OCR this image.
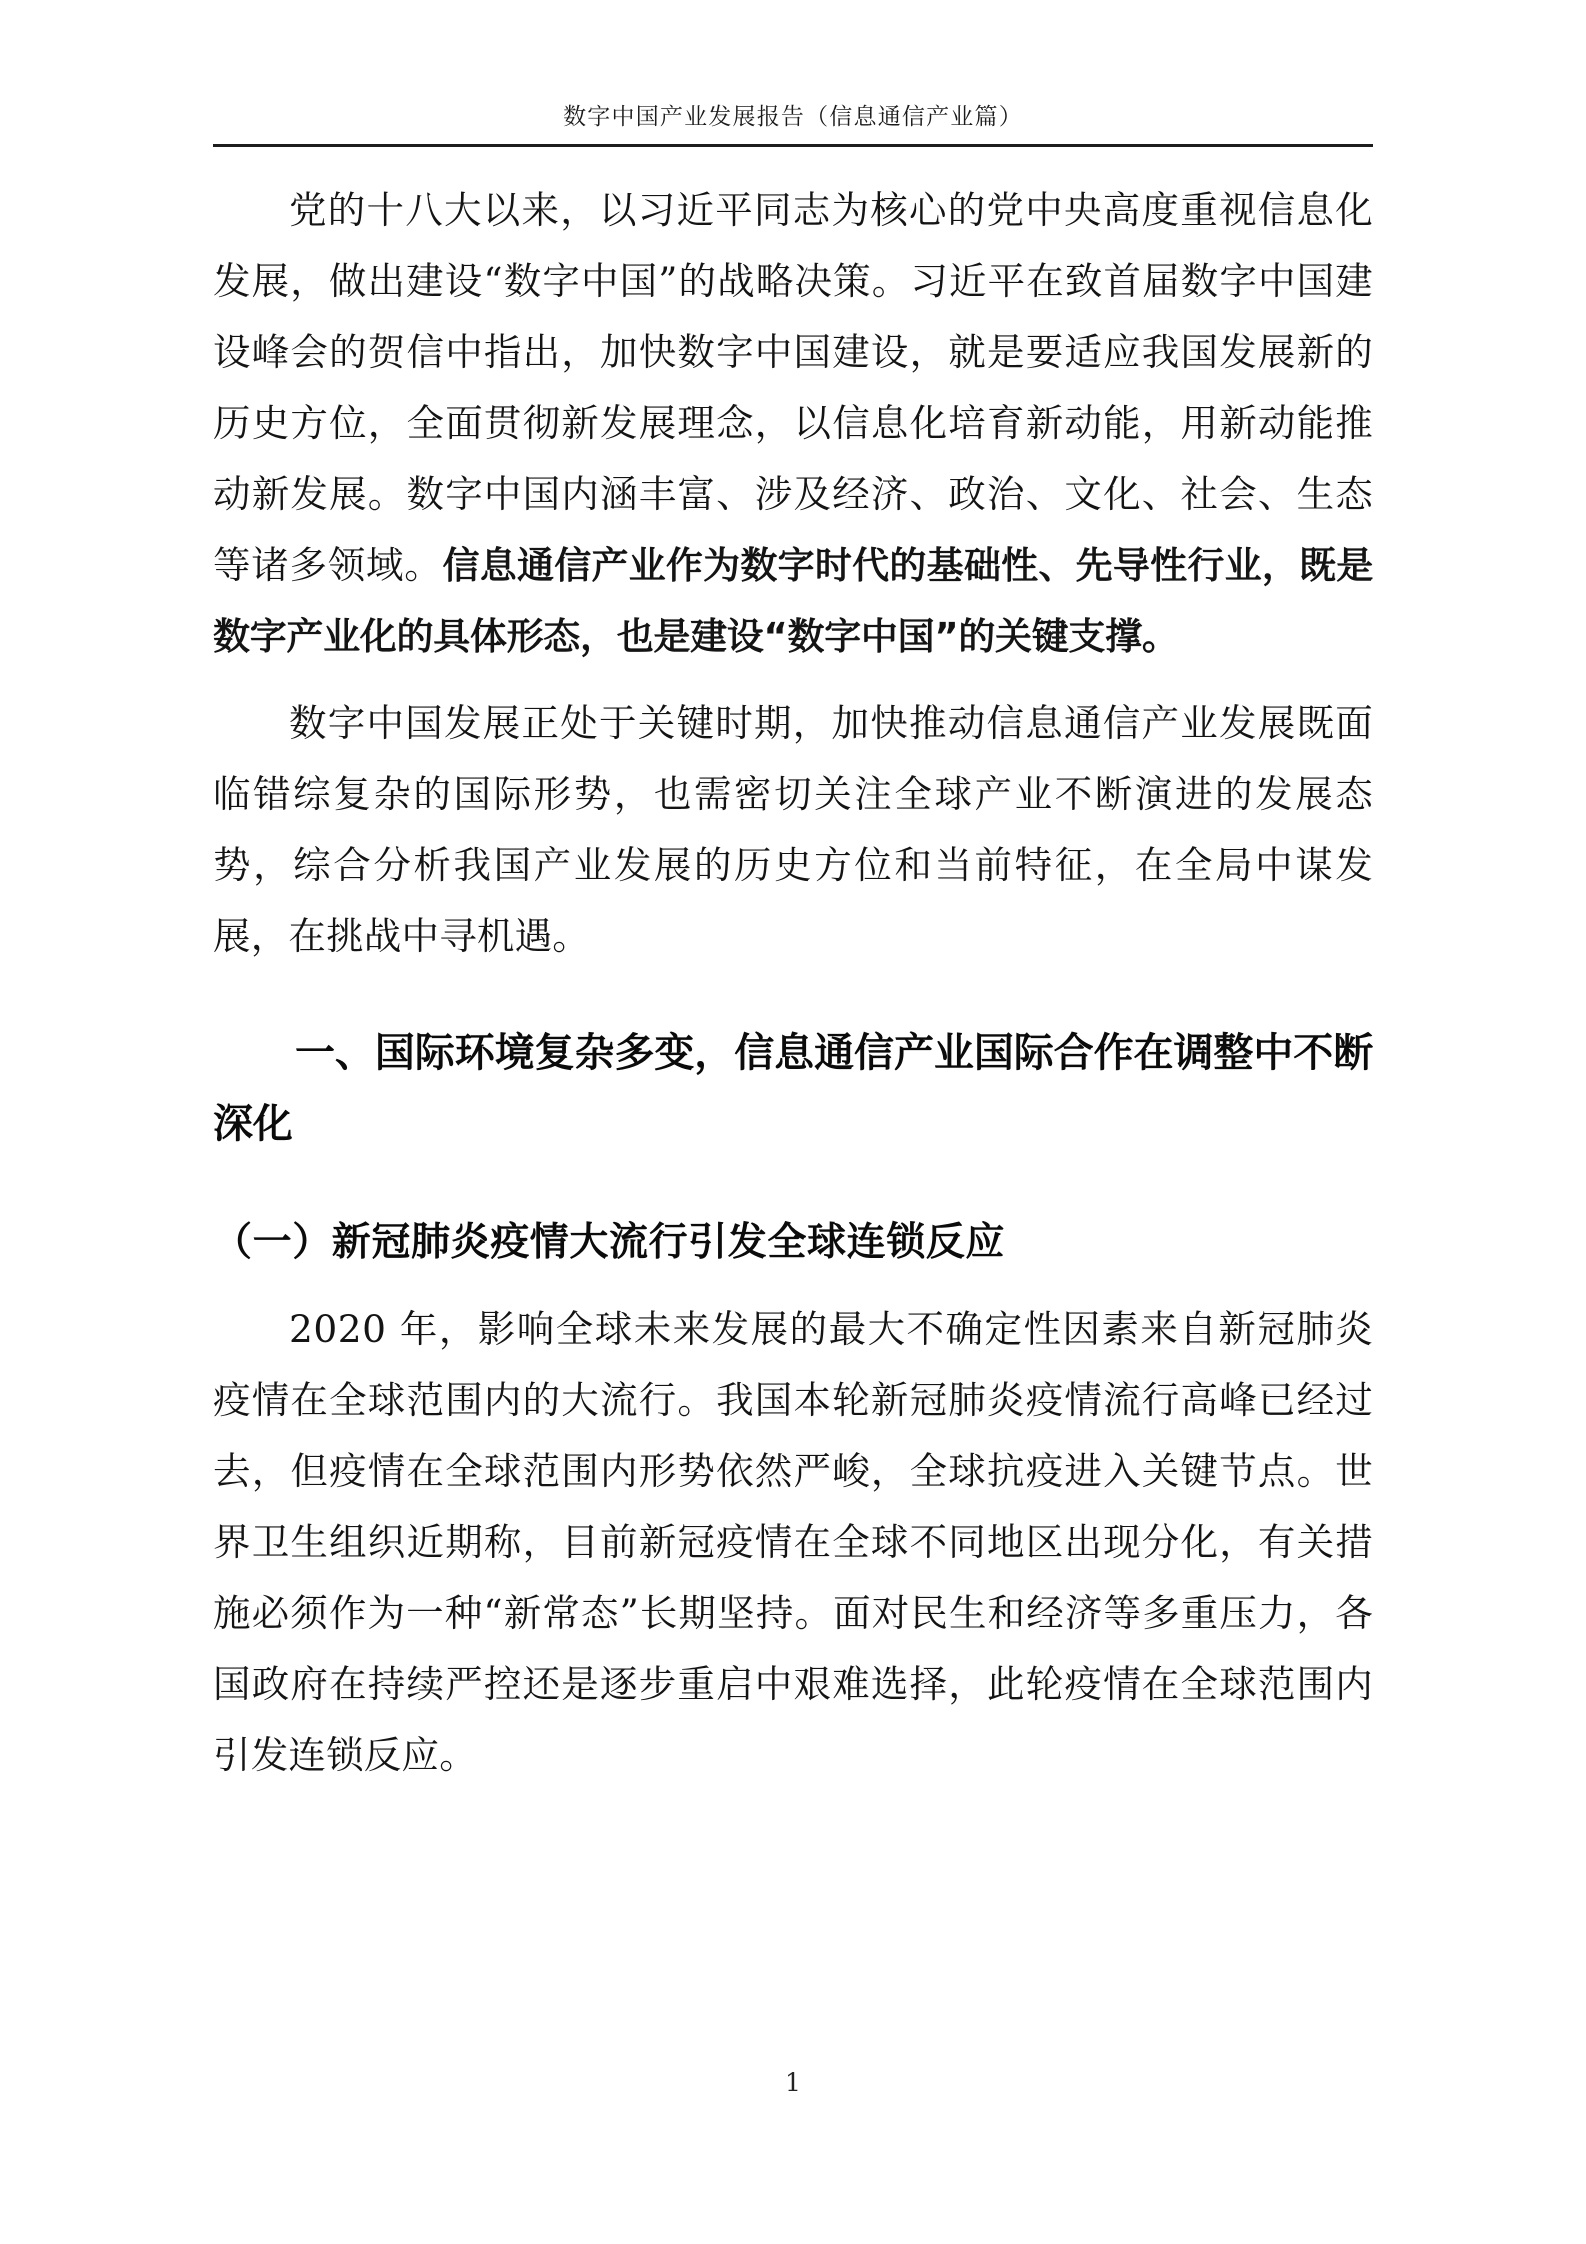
数字中国产业发展报告（信息通信产业篇）

党的十八大以来，以习近平同志为核心的党中央高度重视信息化发展，做出建设“数字中国”的战略决策。习近平在致首届数字中国建设峰会的贺信中指出，加快数字中国建设，就是要适应我国发展新的历史方位，全面贯彻新发展理念，以信息化培育新动能，用新动能推动新发展。数字中国内涵丰富、涉及经济、政治、文化、社会、生态等诸多领域。信息通信产业作为数字时代的基础性、先导性行业，既是数字产业化的具体形态，也是建设“数字中国”的关键支撑。

数字中国发展正处于关键时期，加快推动信息通信产业发展既面临错综复杂的国际形势，也需密切关注全球产业不断演进的发展态势，综合分析我国产业发展的历史方位和当前特征，在全局中谋发展，在挑战中寻机遇。

一、国际环境复杂多变，信息通信产业国际合作在调整中不断深化
（一）新冠肺炎疫情大流行引发全球连锁反应

2020 年，影响全球未来发展的最大不确定性因素来自新冠肺炎疫情在全球范围内的大流行。我国本轮新冠肺炎疫情流行高峰已经过去，但疫情在全球范围内形势依然严峻，全球抗疫进入关键节点。世界卫生组织近期称，目前新冠疫情在全球不同地区出现分化，有关措施必须作为一种“新常态”长期坚持。面对民生和经济等多重压力，各国政府在持续严控还是逐步重启中艰难选择，此轮疫情在全球范围内引发连锁反应。

1
